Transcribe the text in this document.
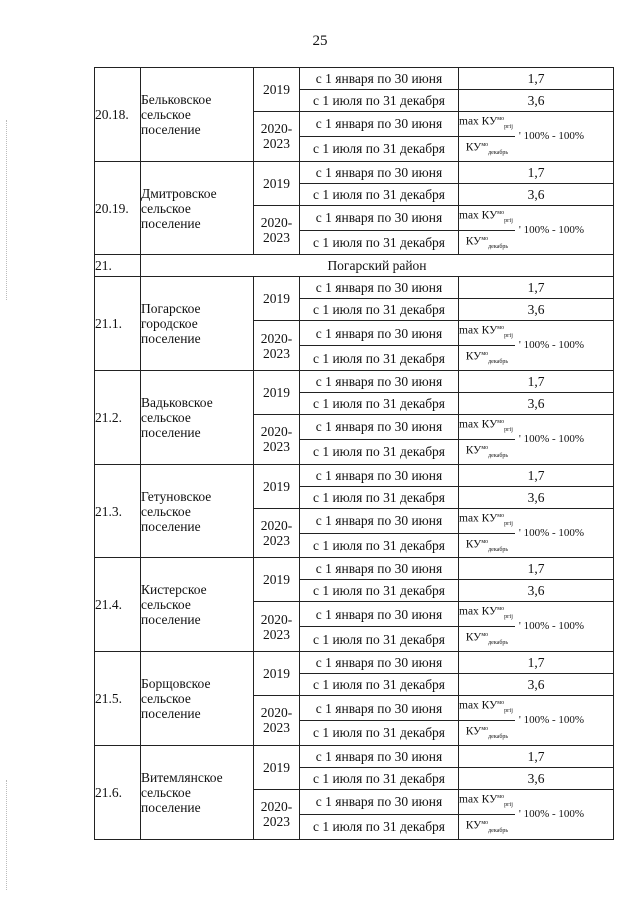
25
20.18.	Бельковское сельское поселение	2019	с 1 января по 30 июня	1,7
			с 1 июля по 31 декабря	3,6
		2020-2023	с 1 января по 30 июня	$\frac{\max КУ^{мо}_{ргij}}{КУ^{мо}_{декабрь}}$ ' 100% - 100%

			с 1 июля по 31 декабря	
20.19.	Дмитровское сельское поселение	2019	с 1 января по 30 июня	1,7
			с 1 июля по 31 декабря	3,6
		2020-2023	с 1 января по 30 июня	$\frac{\max КУ^{мо}_{ргij}}{КУ^{мо}_{декабрь}}$ ' 100% - 100%

			с 1 июля по 31 декабря	
21.	Погарский район			
21.1.	Погарское городское поселение	2019	с 1 января по 30 июня	1,7
			с 1 июля по 31 декабря	3,6
		2020-2023	с 1 января по 30 июня	$\frac{\max КУ^{мо}_{ргij}}{КУ^{мо}_{декабрь}}$ ' 100% - 100%

			с 1 июля по 31 декабря	
21.2.	Вадьковское сельское поселение	2019	с 1 января по 30 июня	1,7
			с 1 июля по 31 декабря	3,6
		2020-2023	с 1 января по 30 июня	$\frac{\max КУ^{мо}_{ргij}}{КУ^{мо}_{декабрь}}$ ' 100% - 100%

			с 1 июля по 31 декабря	
21.3.	Гетуновское сельское поселение	2019	с 1 января по 30 июня	1,7
			с 1 июля по 31 декабря	3,6
		2020-2023	с 1 января по 30 июня	$\frac{\max КУ^{мо}_{ргij}}{КУ^{мо}_{декабрь}}$ ' 100% - 100%

			с 1 июля по 31 декабря	
21.4.	Кистерское сельское поселение	2019	с 1 января по 30 июня	1,7
			с 1 июля по 31 декабря	3,6
		2020-2023	с 1 января по 30 июня	$\frac{\max КУ^{мо}_{ргij}}{КУ^{мо}_{декабрь}}$ ' 100% - 100%

			с 1 июля по 31 декабря	
21.5.	Борщовское сельское поселение	2019	с 1 января по 30 июня	1,7
			с 1 июля по 31 декабря	3,6
		2020-2023	с 1 января по 30 июня	$\frac{\max КУ^{мо}_{ргij}}{КУ^{мо}_{декабрь}}$ ' 100% - 100%

			с 1 июля по 31 декабря	
21.6.	Витемлянское сельское поселение	2019	с 1 января по 30 июня	1,7
			с 1 июля по 31 декабря	3,6
		2020-2023	с 1 января по 30 июня	$\frac{\max КУ^{мо}_{ргij}}{КУ^{мо}_{декабрь}}$ ' 100% - 100%

			с 1 июля по 31 декабря	
